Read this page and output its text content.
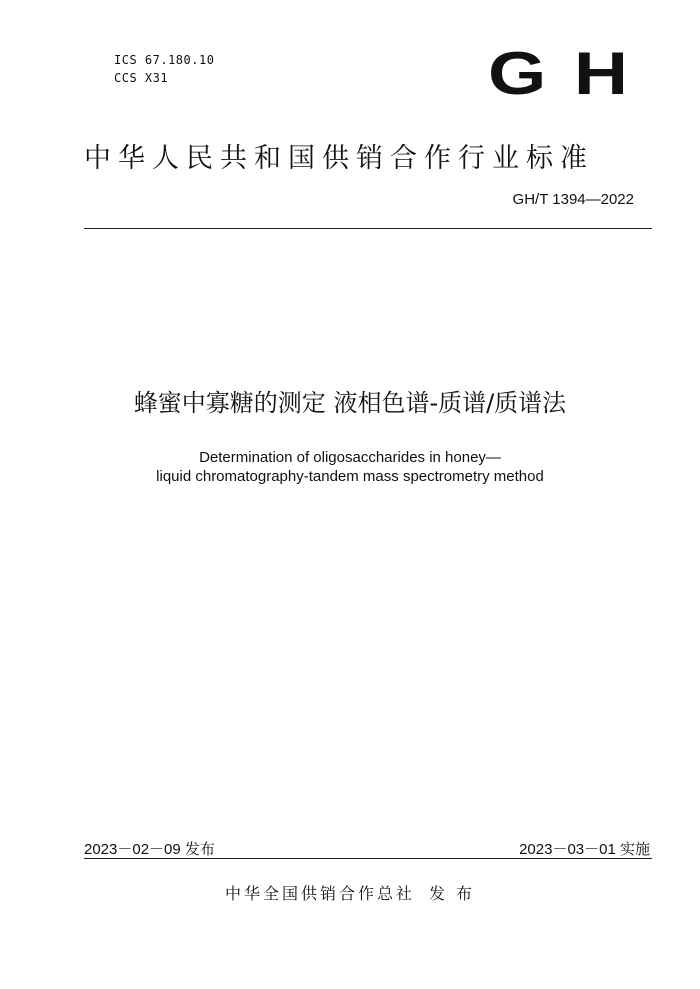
ICS 67.180.10
CCS X31	GH
中华人民共和国供销合作行业标准
GH/T 1394—2022
蜂蜜中寡糖的测定 液相色谱-质谱/质谱法
Determination of oligosaccharides in honey—
liquid chromatography-tandem mass spectrometry method
2023－02－09 发布	2023－03－01 实施
中华全国供销合作总社 发 布
